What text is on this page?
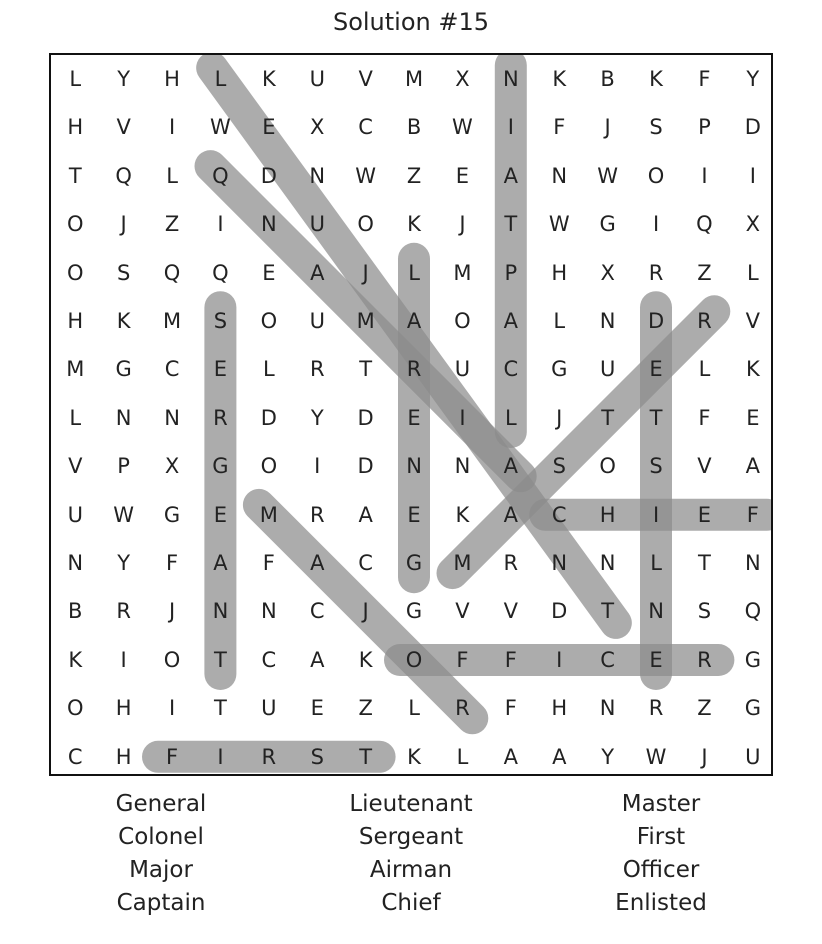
Solution #15
L	Y	H	L	K	U	V	M	X	N	K	B	K	F	Y
H	V	I	W	E	X	C	B	W	I	F	J	S	P	D
T	Q	L	Q	D	N	W	Z	E	A	N	W	O	I	I
O	J	Z	I	N	U	O	K	J	T	W	G	I	Q	X
O	S	Q	Q	E	A	J	L	M	P	H	X	R	Z	L
H	K	M	S	O	U	M	A	O	A	L	N	D	R	V
M	G	C	E	L	R	T	R	U	C	G	U	E	L	K
L	N	N	R	D	Y	D	E	I	L	J	T	T	F	E
V	P	X	G	O	I	D	N	N	A	S	O	S	V	A
U	W	G	E	M	R	A	E	K	A	C	H	I	E	F
N	Y	F	A	F	A	C	G	M	R	N	N	L	T	N
B	R	J	N	N	C	J	G	V	V	D	T	N	S	Q
K	I	O	T	C	A	K	O	F	F	I	C	E	R	G
O	H	I	T	U	E	Z	L	R	F	H	N	R	Z	G
C	H	F	I	R	S	T	K	L	A	A	Y	W	J	U
General
Colonel
Major
Captain
Lieutenant
Sergeant
Airman
Chief
Master
First
Officer
Enlisted
